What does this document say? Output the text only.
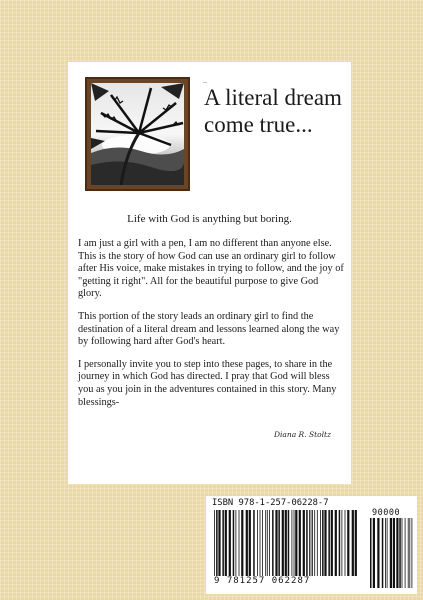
..
A literal dream come true...
Life with God is anything but boring.

I am just a girl with a pen, I am no different than anyone else. This is the story of how God can use an ordinary girl to follow after His voice, make mistakes in trying to follow, and the joy of "getting it right". All for the beautiful purpose to give God glory.

This portion of the story leads an ordinary girl to find the destination of a literal dream and lessons learned along the way by following hard after God's heart.

I personally invite you to step into these pages, to share in the journey in which God has directed. I pray that God will bless you as you join in the adventures contained in this story. Many blessings-

Diana R. Stoltz
ISBN 978-1-257-06228-7
90000
9 781257 062287
